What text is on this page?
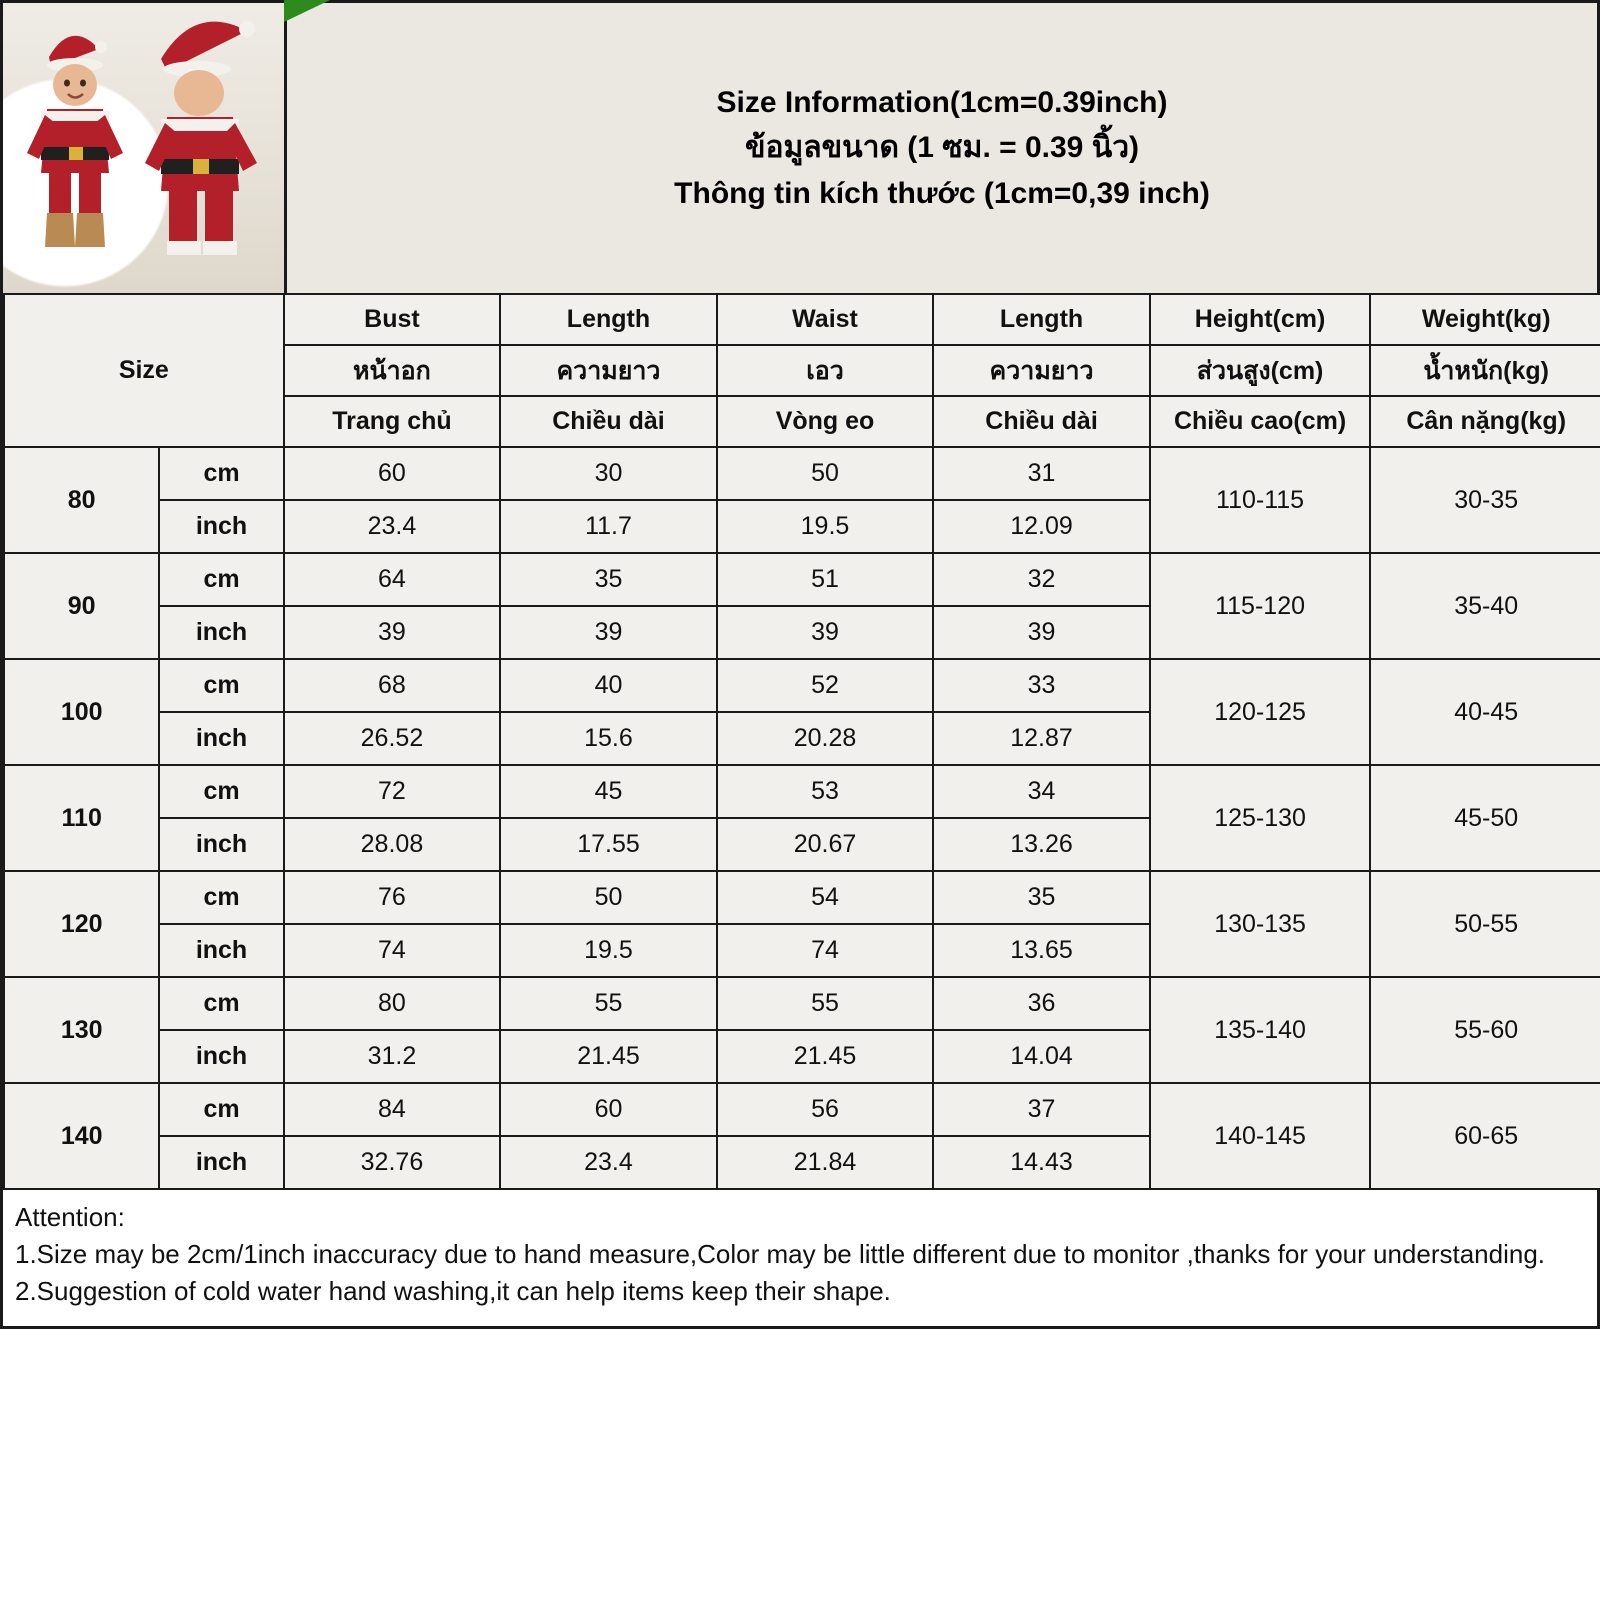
Size Information(1cm=0.39inch)
ข้อมูลขนาด (1 ซม. = 0.39 นิ้ว)
Thông tin kích thước (1cm=0,39 inch)
Size		Bust	Length	Waist	Length	Height(cm)	Weight(kg)
		หน้าอก	ความยาว	เอว	ความยาว	ส่วนสูง(cm)	น้ำหนัก(kg)
		Trang chủ	Chiều dài	Vòng eo	Chiều dài	Chiều cao(cm)	Cân nặng(kg)
80	cm	60	30	50	31	110-115	30-35
	inch	23.4	11.7	19.5	12.09		
90	cm	64	35	51	32	115-120	35-40
	inch	39	39	39	39		
100	cm	68	40	52	33	120-125	40-45
	inch	26.52	15.6	20.28	12.87		
110	cm	72	45	53	34	125-130	45-50
	inch	28.08	17.55	20.67	13.26		
120	cm	76	50	54	35	130-135	50-55
	inch	74	19.5	74	13.65		
130	cm	80	55	55	36	135-140	55-60
	inch	31.2	21.45	21.45	14.04		
140	cm	84	60	56	37	140-145	60-65
	inch	32.76	23.4	21.84	14.43		

Attention:

1.Size may be 2cm/1inch inaccuracy due to hand measure,Color may be little different due to monitor ,thanks for your understanding.

2.Suggestion of cold water hand washing,it can help items keep their shape.
